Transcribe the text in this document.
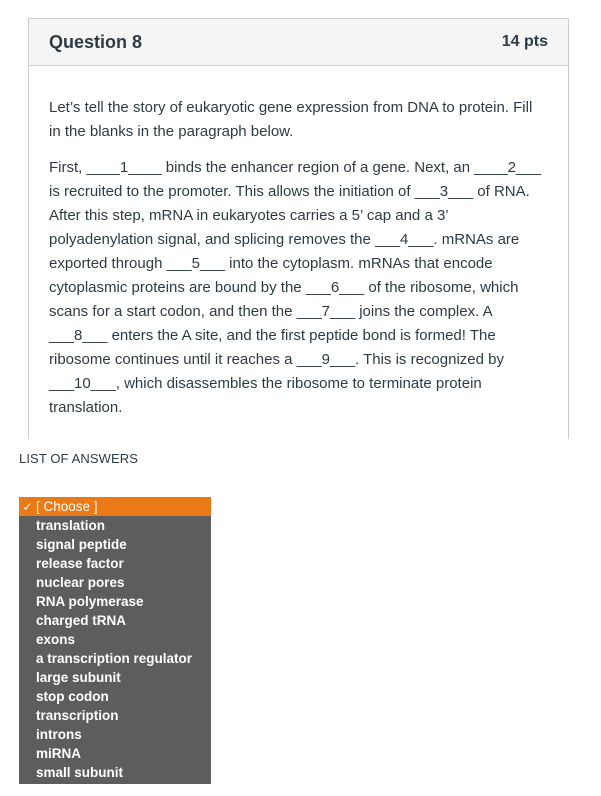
Question 8	14 pts

Let’s tell the story of eukaryotic gene expression from DNA to protein. Fill in the blanks in the paragraph below.

First, ____1____ binds the enhancer region of a gene. Next, an ____2___ is recruited to the promoter. This allows the initiation of ___3___ of RNA. After this step, mRNA in eukaryotes carries a 5’ cap and a 3’ polyadenylation signal, and splicing removes the ___4___. mRNAs are exported through ___5___ into the cytoplasm. mRNAs that encode cytoplasmic proteins are bound by the ___6___ of the ribosome, which scans for a start codon, and then the ___7___ joins the complex. A ___8___ enters the A site, and the first peptide bond is formed! The ribosome continues until it reaches a ___9___. This is recognized by ___10___, which disassembles the ribosome to terminate protein translation.

LIST OF ANSWERS
✓ [ Choose ]
translation
signal peptide
release factor
nuclear pores
RNA polymerase
charged tRNA
exons
a transcription regulator
large subunit
stop codon
transcription
introns
miRNA
small subunit
